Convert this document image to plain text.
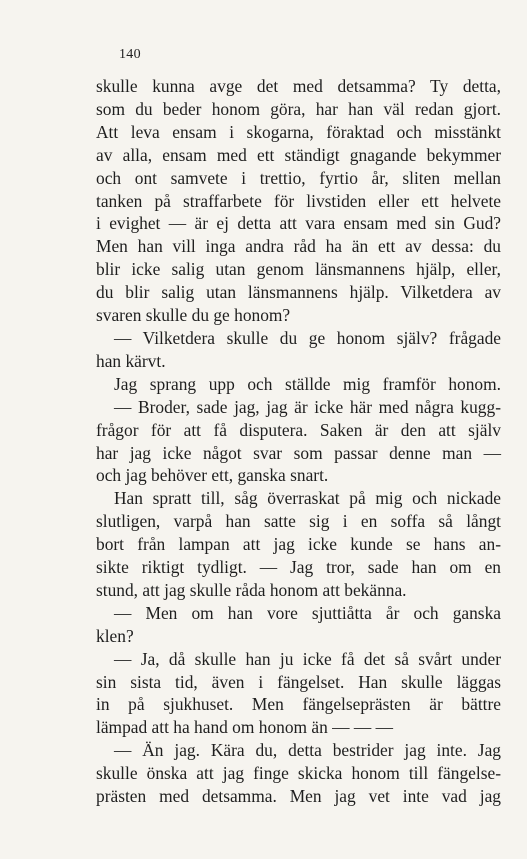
140
skulle kunna avge det med detsamma? Ty detta,
som du beder honom göra, har han väl redan gjort.
Att leva ensam i skogarna, föraktad och misstänkt
av alla, ensam med ett ständigt gnagande bekymmer
och ont samvete i trettio, fyrtio år, sliten mellan
tanken på straffarbete för livstiden eller ett helvete
i evighet — är ej detta att vara ensam med sin Gud?
Men han vill inga andra råd ha än ett av dessa: du
blir icke salig utan genom länsmannens hjälp, eller,
du blir salig utan länsmannens hjälp. Vilketdera av
svaren skulle du ge honom?
— Vilketdera skulle du ge honom själv? frågade
han kärvt.
Jag sprang upp och ställde mig framför honom.
— Broder, sade jag, jag är icke här med några kugg-
frågor för att få disputera. Saken är den att själv
har jag icke något svar som passar denne man —
och jag behöver ett, ganska snart.
Han spratt till, såg överraskat på mig och nickade
slutligen, varpå han satte sig i en soffa så långt
bort från lampan att jag icke kunde se hans an-
sikte riktigt tydligt. — Jag tror, sade han om en
stund, att jag skulle råda honom att bekänna.
— Men om han vore sjuttiåtta år och ganska
klen?
— Ja, då skulle han ju icke få det så svårt under
sin sista tid, även i fängelset. Han skulle läggas
in på sjukhuset. Men fängelseprästen är bättre
lämpad att ha hand om honom än — — —
— Än jag. Kära du, detta bestrider jag inte. Jag
skulle önska att jag finge skicka honom till fängelse-
prästen med detsamma. Men jag vet inte vad jag
